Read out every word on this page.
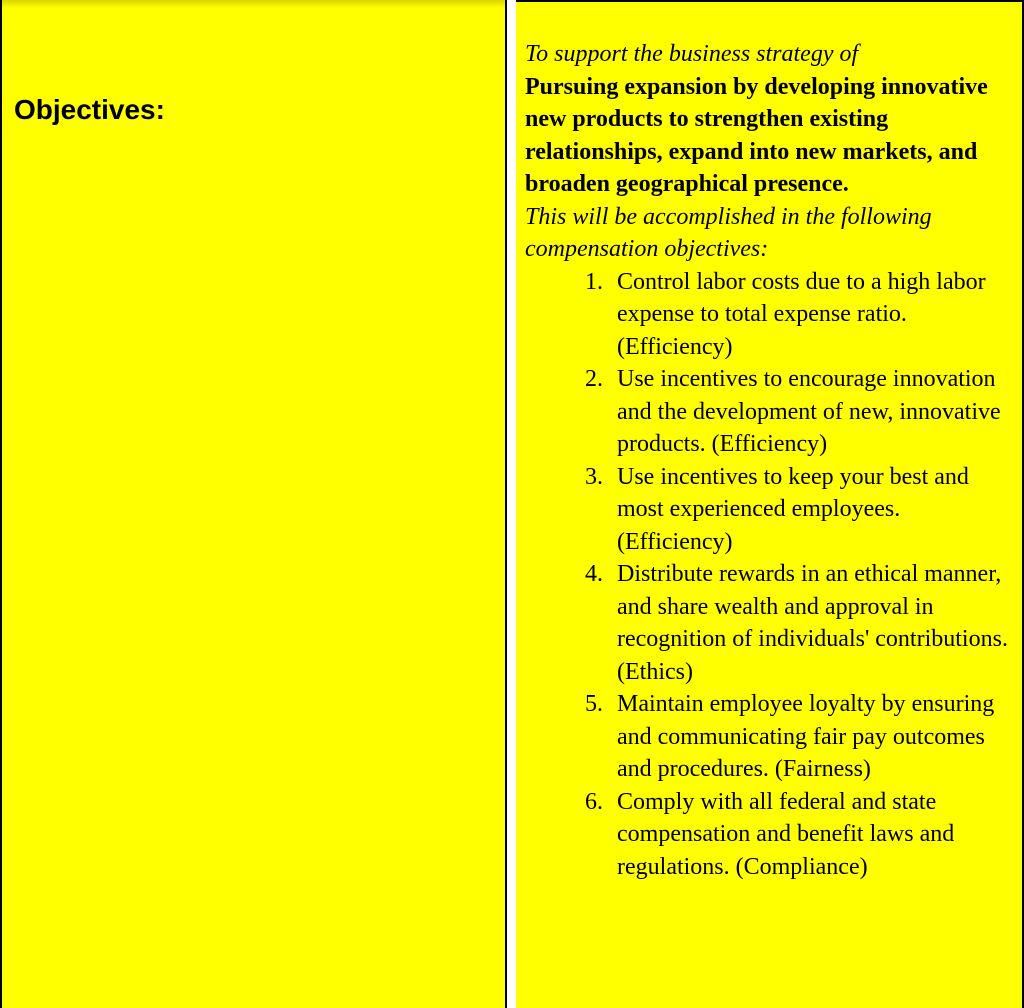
Objectives:

To support the business strategy of

Pursuing expansion by developing innovative new products to strengthen existing relationships, expand into new markets, and broaden geographical presence.

This will be accomplished in the following compensation objectives:

1. Control labor costs due to a high labor expense to total expense ratio. (Efficiency)
2. Use incentives to encourage innovation and the development of new, innovative products. (Efficiency)
3. Use incentives to keep your best and most experienced employees. (Efficiency)
4. Distribute rewards in an ethical manner, and share wealth and approval in recognition of individuals' contributions. (Ethics)
5. Maintain employee loyalty by ensuring and communicating fair pay outcomes and procedures. (Fairness)
6. Comply with all federal and state compensation and benefit laws and regulations. (Compliance)
